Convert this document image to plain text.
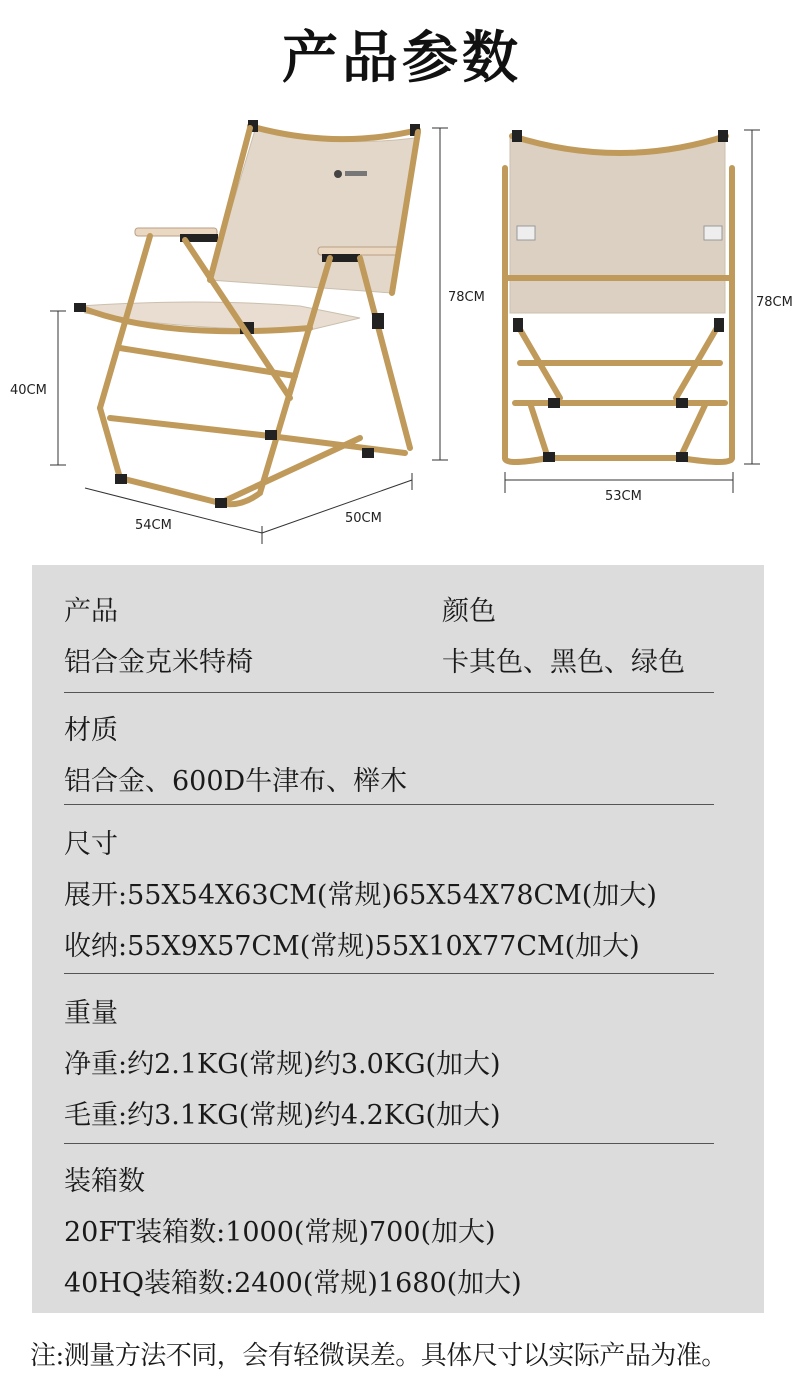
产品参数
78CM
40CM
54CM	50CM
78CM
53CM
产品
铝合金克米特椅
颜色
卡其色、黑色、绿色
材质
铝合金、600D牛津布、榉木
尺寸
展开:55X54X63CM(常规)65X54X78CM(加大)
收纳:55X9X57CM(常规)55X10X77CM(加大)
重量
净重:约2.1KG(常规)约3.0KG(加大)
毛重:约3.1KG(常规)约4.2KG(加大)
装箱数
20FT装箱数:1000(常规)700(加大)
40HQ装箱数:2400(常规)1680(加大)
注:测量方法不同，会有轻微误差。具体尺寸以实际产品为准。
